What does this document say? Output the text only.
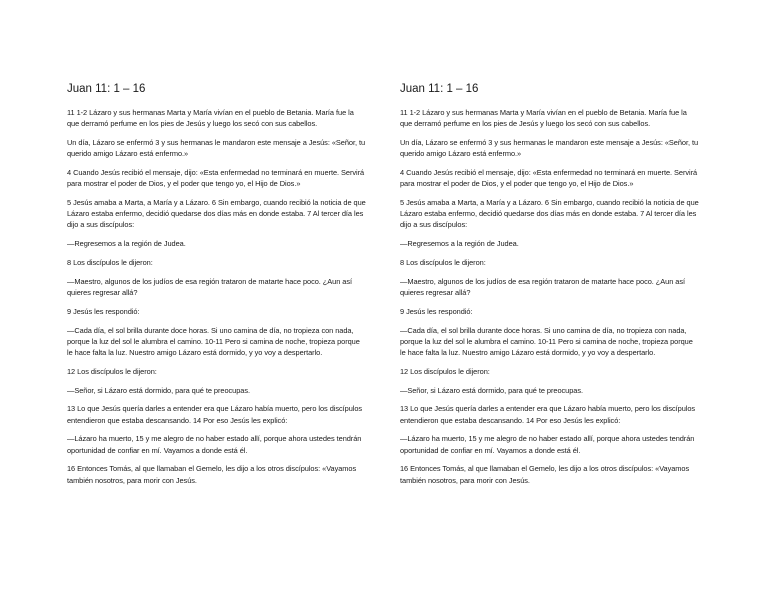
Juan 11: 1 – 16

11 1-2 Lázaro y sus hermanas Marta y María vivían en el pueblo de Betania. María fue la que derramó perfume en los pies de Jesús y luego los secó con sus cabellos.

Un día, Lázaro se enfermó 3 y sus hermanas le mandaron este mensaje a Jesús: «Señor, tu querido amigo Lázaro está enfermo.»

4 Cuando Jesús recibió el mensaje, dijo: «Esta enfermedad no terminará en muerte. Servirá para mostrar el poder de Dios, y el poder que tengo yo, el Hijo de Dios.»

5 Jesús amaba a Marta, a María y a Lázaro. 6 Sin embargo, cuando recibió la noticia de que Lázaro estaba enfermo, decidió quedarse dos días más en donde estaba. 7 Al tercer día les dijo a sus discípulos:

—Regresemos a la región de Judea.

8 Los discípulos le dijeron:

—Maestro, algunos de los judíos de esa región trataron de matarte hace poco. ¿Aun así quieres regresar allá?

9 Jesús les respondió:

—Cada día, el sol brilla durante doce horas. Si uno camina de día, no tropieza con nada, porque la luz del sol le alumbra el camino. 10-11 Pero si camina de noche, tropieza porque le hace falta la luz. Nuestro amigo Lázaro está dormido, y yo voy a despertarlo.

12 Los discípulos le dijeron:

—Señor, si Lázaro está dormido, para qué te preocupas.

13 Lo que Jesús quería darles a entender era que Lázaro había muerto, pero los discípulos entendieron que estaba descansando. 14 Por eso Jesús les explicó:

—Lázaro ha muerto, 15 y me alegro de no haber estado allí, porque ahora ustedes tendrán oportunidad de confiar en mí. Vayamos a donde está él.

16 Entonces Tomás, al que llamaban el Gemelo, les dijo a los otros discípulos: «Vayamos también nosotros, para morir con Jesús.

Juan 11: 1 – 16

11 1-2 Lázaro y sus hermanas Marta y María vivían en el pueblo de Betania. María fue la que derramó perfume en los pies de Jesús y luego los secó con sus cabellos.

Un día, Lázaro se enfermó 3 y sus hermanas le mandaron este mensaje a Jesús: «Señor, tu querido amigo Lázaro está enfermo.»

4 Cuando Jesús recibió el mensaje, dijo: «Esta enfermedad no terminará en muerte. Servirá para mostrar el poder de Dios, y el poder que tengo yo, el Hijo de Dios.»

5 Jesús amaba a Marta, a María y a Lázaro. 6 Sin embargo, cuando recibió la noticia de que Lázaro estaba enfermo, decidió quedarse dos días más en donde estaba. 7 Al tercer día les dijo a sus discípulos:

—Regresemos a la región de Judea.

8 Los discípulos le dijeron:

—Maestro, algunos de los judíos de esa región trataron de matarte hace poco. ¿Aun así quieres regresar allá?

9 Jesús les respondió:

—Cada día, el sol brilla durante doce horas. Si uno camina de día, no tropieza con nada, porque la luz del sol le alumbra el camino. 10-11 Pero si camina de noche, tropieza porque le hace falta la luz. Nuestro amigo Lázaro está dormido, y yo voy a despertarlo.

12 Los discípulos le dijeron:

—Señor, si Lázaro está dormido, para qué te preocupas.

13 Lo que Jesús quería darles a entender era que Lázaro había muerto, pero los discípulos entendieron que estaba descansando. 14 Por eso Jesús les explicó:

—Lázaro ha muerto, 15 y me alegro de no haber estado allí, porque ahora ustedes tendrán oportunidad de confiar en mí. Vayamos a donde está él.

16 Entonces Tomás, al que llamaban el Gemelo, les dijo a los otros discípulos: «Vayamos también nosotros, para morir con Jesús.
